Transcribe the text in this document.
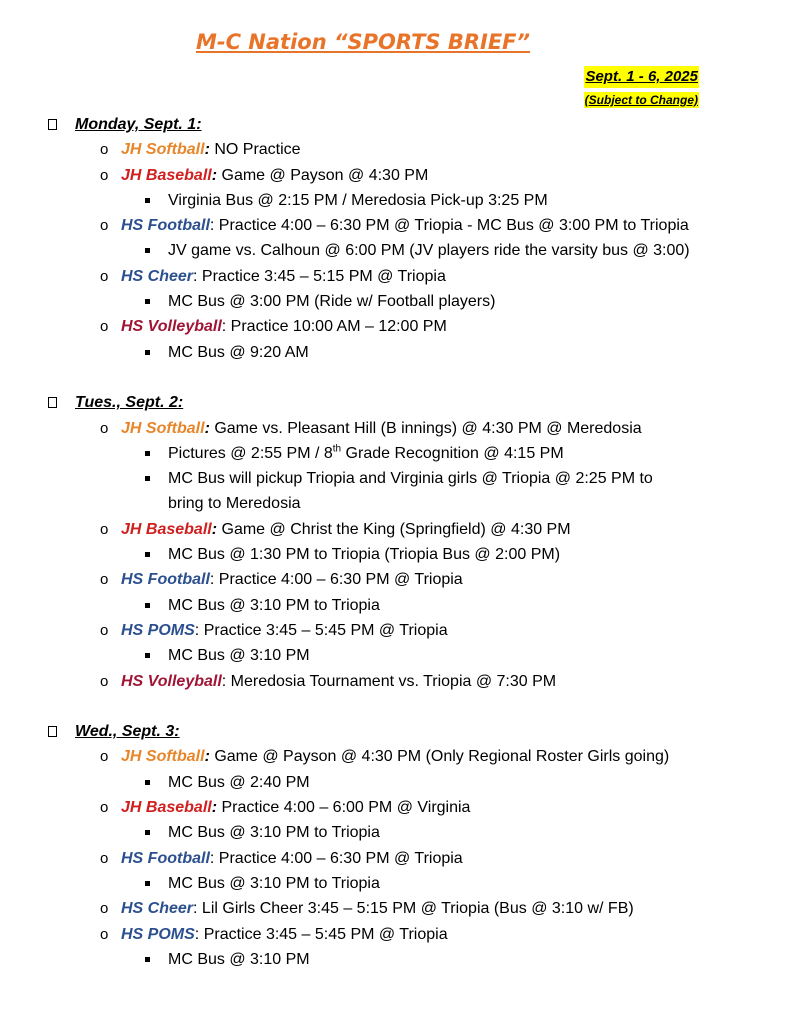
M-C Nation “SPORTS BRIEF”
Sept. 1 - 6, 2025
(Subject to Change)
Monday, Sept. 1:
o JH Softball: NO Practice
o JH Baseball: Game @ Payson @ 4:30 PM
Virginia Bus @ 2:15 PM / Meredosia Pick-up 3:25 PM
o HS Football: Practice 4:00 – 6:30 PM @ Triopia - MC Bus @ 3:00 PM to Triopia
JV game vs. Calhoun @ 6:00 PM (JV players ride the varsity bus @ 3:00)
o HS Cheer: Practice 3:45 – 5:15 PM @ Triopia
MC Bus @ 3:00 PM (Ride w/ Football players)
o HS Volleyball: Practice 10:00 AM – 12:00 PM
MC Bus @ 9:20 AM
Tues., Sept. 2:
o JH Softball: Game vs. Pleasant Hill (B innings) @ 4:30 PM @ Meredosia
Pictures @ 2:55 PM / 8th Grade Recognition @ 4:15 PM
MC Bus will pickup Triopia and Virginia girls @ Triopia @ 2:25 PM to
bring to Meredosia
o JH Baseball: Game @ Christ the King (Springfield) @ 4:30 PM
MC Bus @ 1:30 PM to Triopia (Triopia Bus @ 2:00 PM)
o HS Football: Practice 4:00 – 6:30 PM @ Triopia
MC Bus @ 3:10 PM to Triopia
o HS POMS: Practice 3:45 – 5:45 PM @ Triopia
MC Bus @ 3:10 PM
o HS Volleyball: Meredosia Tournament vs. Triopia @ 7:30 PM
Wed., Sept. 3:
o JH Softball: Game @ Payson @ 4:30 PM (Only Regional Roster Girls going)
MC Bus @ 2:40 PM
o JH Baseball: Practice 4:00 – 6:00 PM @ Virginia
MC Bus @ 3:10 PM to Triopia
o HS Football: Practice 4:00 – 6:30 PM @ Triopia
MC Bus @ 3:10 PM to Triopia
o HS Cheer: Lil Girls Cheer 3:45 – 5:15 PM @ Triopia (Bus @ 3:10 w/ FB)
o HS POMS: Practice 3:45 – 5:45 PM @ Triopia
MC Bus @ 3:10 PM
